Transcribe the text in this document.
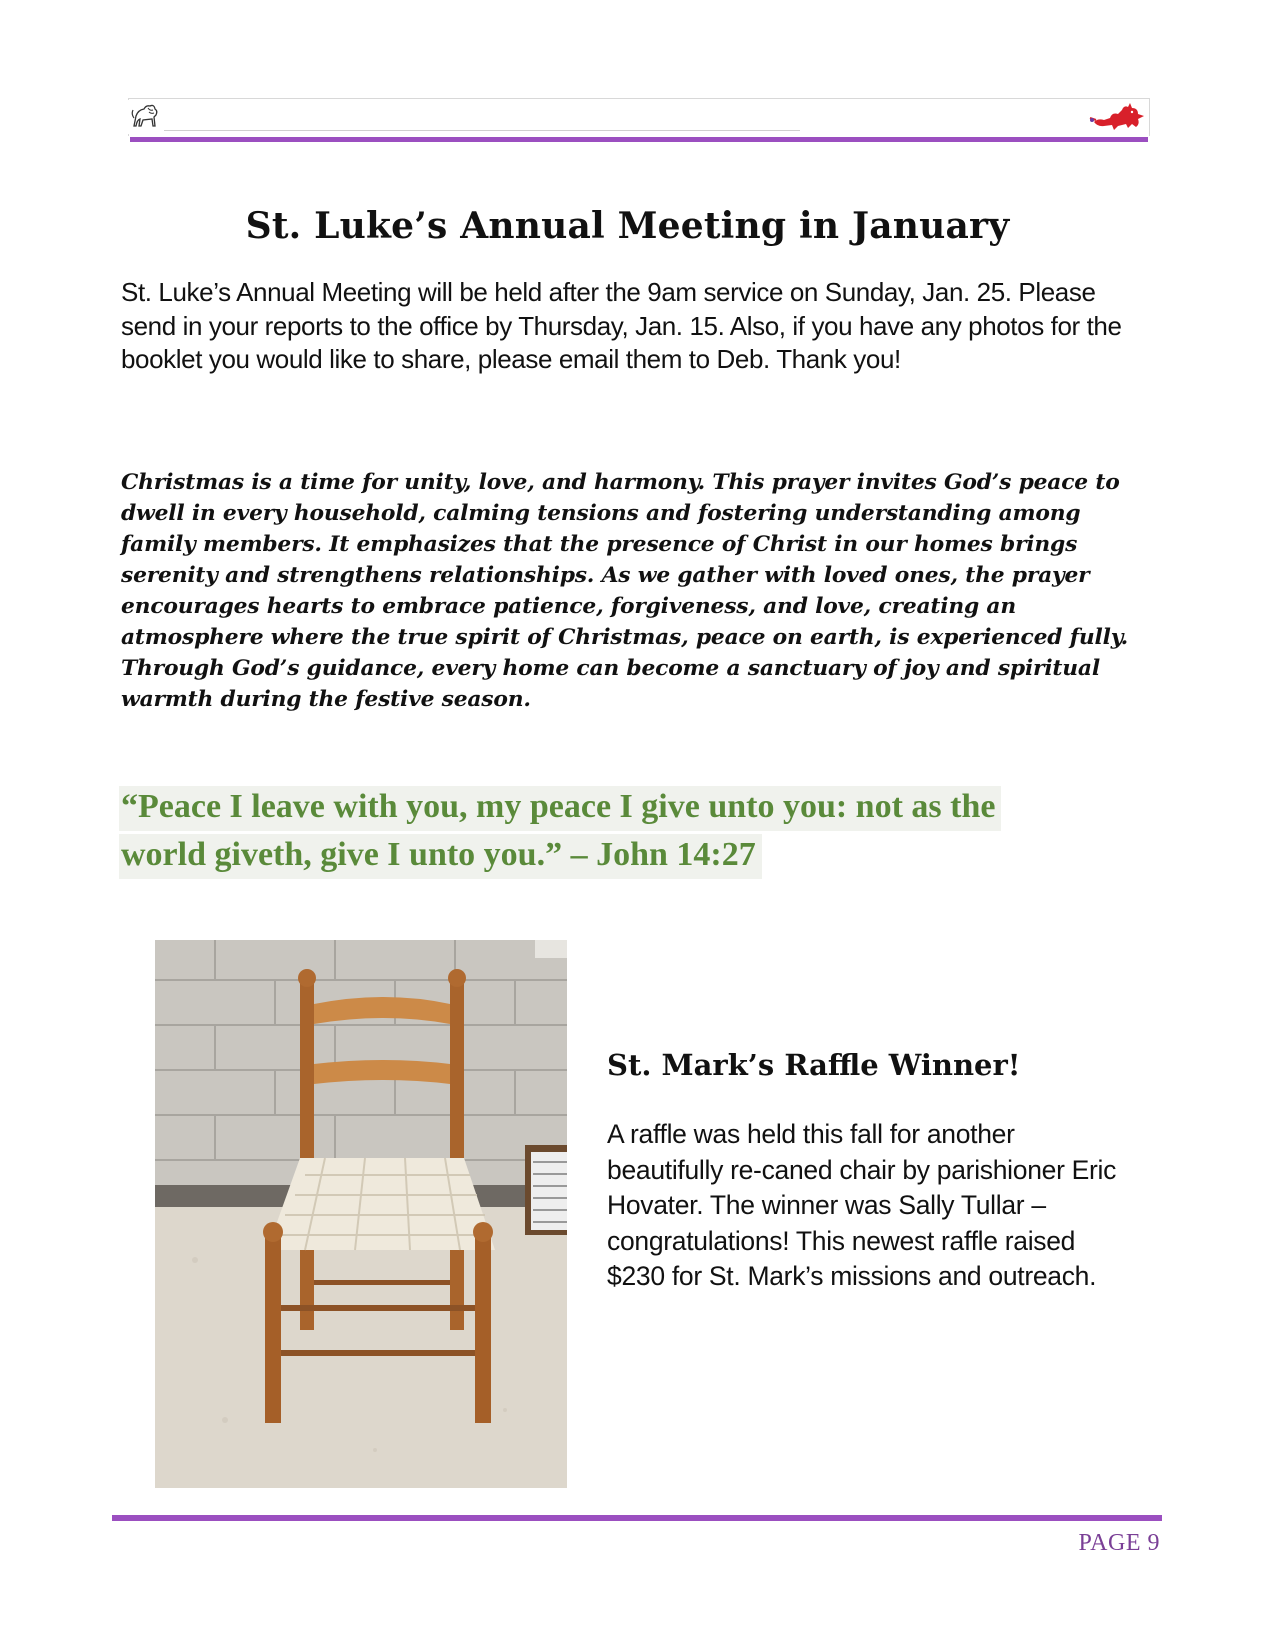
St. Luke’s Annual Meeting in January
St. Luke’s Annual Meeting will be held after the 9am service on Sunday, Jan. 25. Please send in your reports to the office by Thursday, Jan. 15. Also, if you have any photos for the booklet you would like to share, please email them to Deb. Thank you!
Christmas is a time for unity, love, and harmony. This prayer invites God’s peace to dwell in every household, calming tensions and fostering understanding among family members. It emphasizes that the presence of Christ in our homes brings serenity and strengthens relationships. As we gather with loved ones, the prayer encourages hearts to embrace patience, forgiveness, and love, creating an atmosphere where the true spirit of Christmas, peace on earth, is experienced fully. Through God’s guidance, every home can become a sanctuary of joy and spiritual warmth during the festive season.
“Peace I leave with you, my peace I give unto you: not as the
world giveth, give I unto you.” – John 14:27
St. Mark’s Raffle Winner!
A raffle was held this fall for another beautifully re-caned chair by parishioner Eric Hovater. The winner was Sally Tullar – congratulations! This newest raffle raised $230 for St. Mark’s missions and outreach.
PAGE 9
